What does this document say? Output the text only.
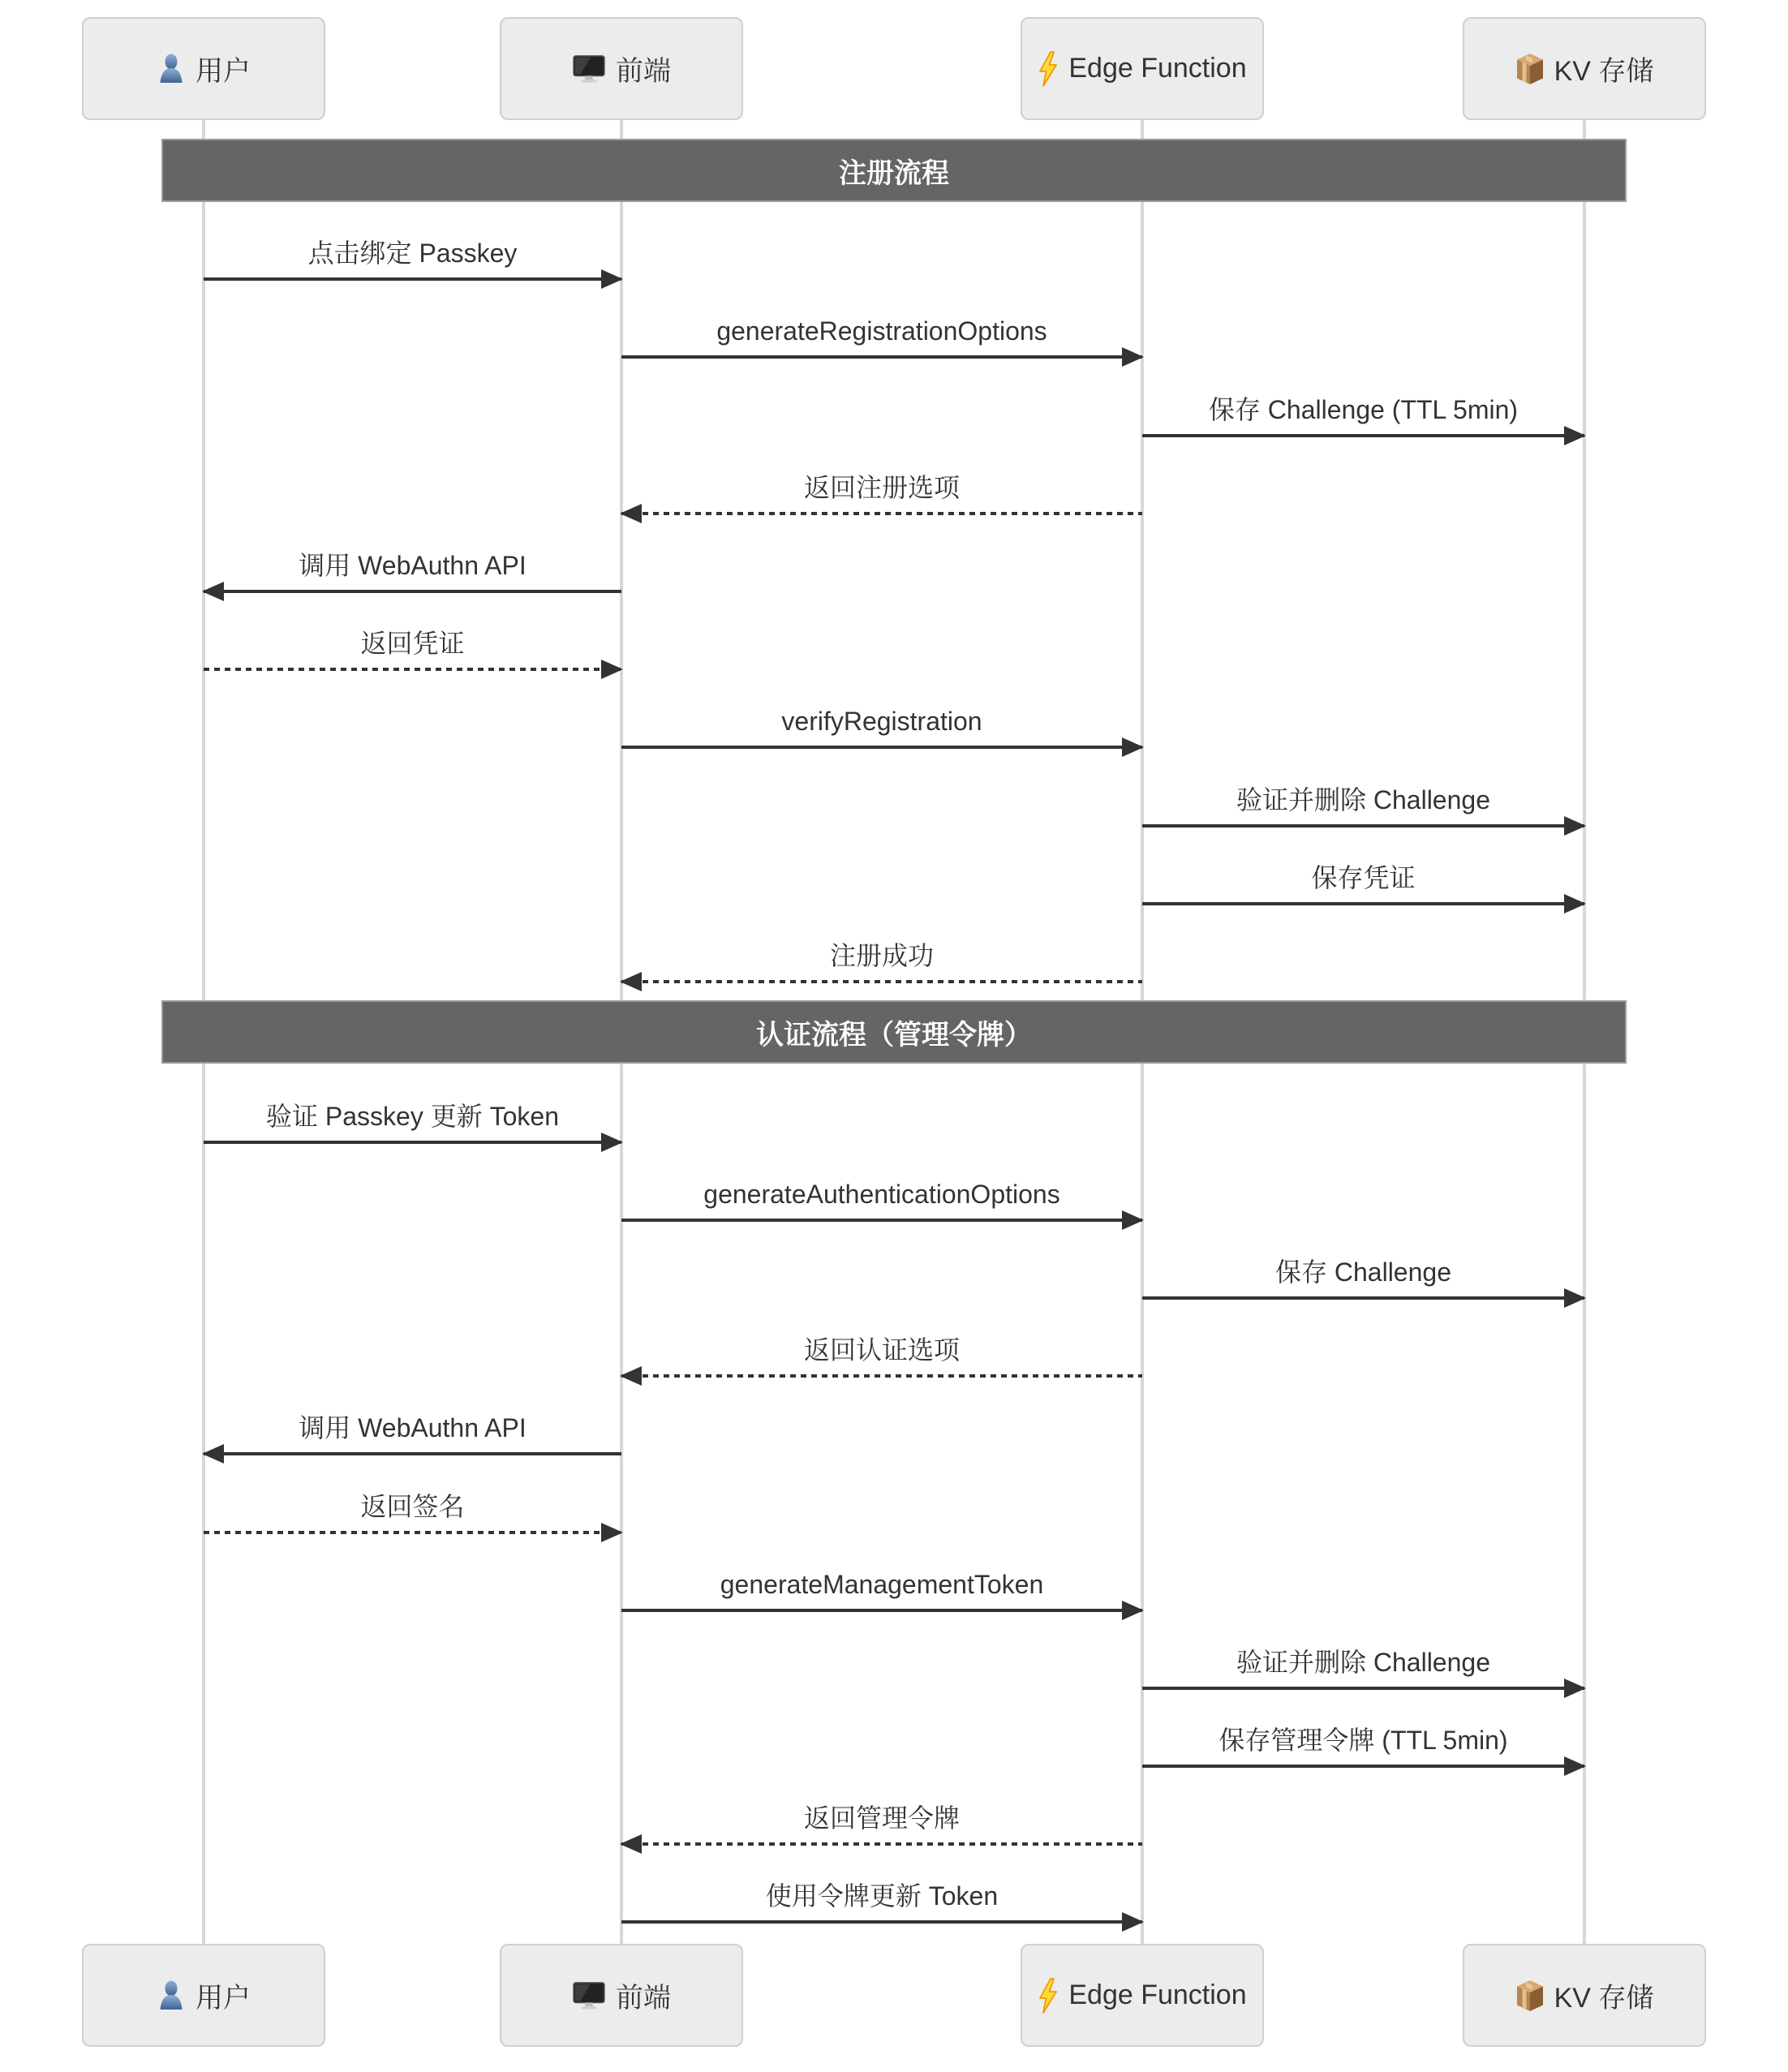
用户	前端	Edge Function	KV 存储
注册流程
认证流程（管理令牌）
点击绑定 Passkey
generateRegistrationOptions
保存 Challenge (TTL 5min)
返回注册选项
调用 WebAuthn API
返回凭证
verifyRegistration
验证并删除 Challenge
保存凭证
注册成功
验证 Passkey 更新 Token
generateAuthenticationOptions
保存 Challenge
返回认证选项
调用 WebAuthn API
返回签名
generateManagementToken
验证并删除 Challenge
保存管理令牌 (TTL 5min)
返回管理令牌
使用令牌更新 Token
用户	前端	Edge Function	KV 存储
